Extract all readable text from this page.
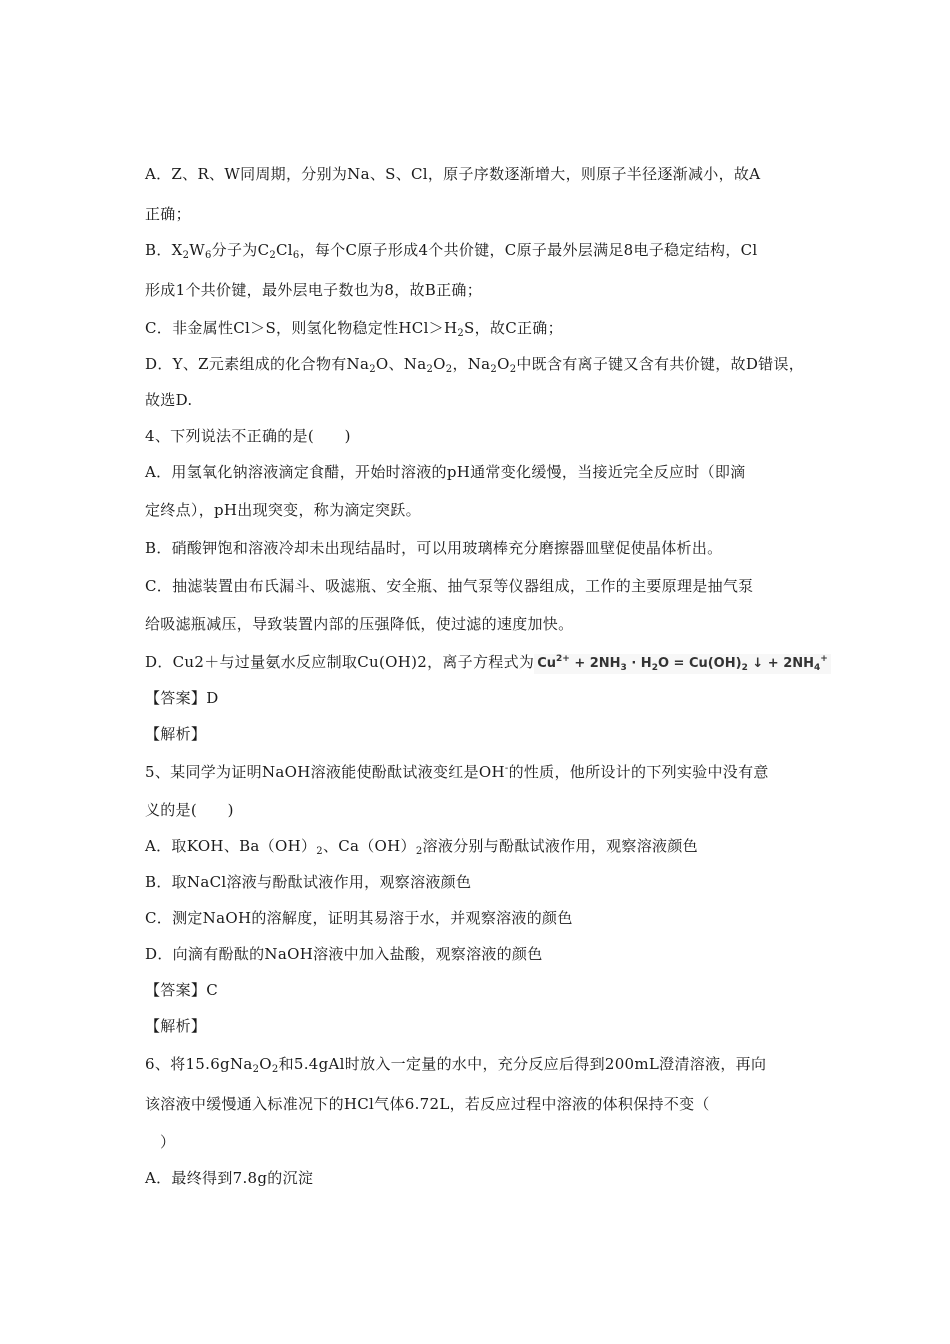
A．Z、R、W同周期，分别为Na、S、Cl，原子序数逐渐增大，则原子半径逐渐减小，故A
正确；
B．$X_2W_6$分子为$C_2Cl_6$，每个C原子形成4个共价键，C原子最外层满足8电子稳定结构，Cl
形成1个共价键，最外层电子数也为8，故B正确；
C．非金属性Cl＞S，则氢化物稳定性$HCl>H_2S$，故C正确；
D．Y、Z元素组成的化合物有$Na_2O$、$Na_2O_2$，$Na_2O_2$中既含有离子键又含有共价键，故D错误，
故选D.
4、下列说法不正确的是(　　)
A．用氢氧化钠溶液滴定食醋，开始时溶液的pH通常变化缓慢，当接近完全反应时（即滴
定终点），pH出现突变，称为滴定突跃。
B．硝酸钾饱和溶液冷却未出现结晶时，可以用玻璃棒充分磨擦器皿壁促使晶体析出。
C．抽滤装置由布氏漏斗、吸滤瓶、安全瓶、抽气泵等仪器组成，工作的主要原理是抽气泵
给吸滤瓶减压，导致装置内部的压强降低，使过滤的速度加快。
D．Cu2＋与过量氨水反应制取Cu(OH)2，离子方程式为 $Cu^{2+} + 2NH_3 \cdot H_2O = Cu(OH)_2$ ↓ + $2NH_4^+$
【答案】D
【解析】
5、某同学为证明NaOH溶液能使酚酞试液变红是OH-的性质，他所设计的下列实验中没有意
义的是(　　)
A．取KOH、$Ba(OH)_2$、$Ca(OH)_2$溶液分别与酚酞试液作用，观察溶液颜色
B．取NaCl溶液与酚酞试液作用，观察溶液颜色
C．测定NaOH的溶解度，证明其易溶于水，并观察溶液的颜色
D．向滴有酚酞的NaOH溶液中加入盐酸，观察溶液的颜色
【答案】C
【解析】
6、将$15.6gNa_2O_2$和5.4gAl时放入一定量的水中，充分反应后得到200mL澄清溶液，再向
该溶液中缓慢通入标准况下的HCl气体6.72L，若反应过程中溶液的体积保持不变（
）
A．最终得到7.8g的沉淀
